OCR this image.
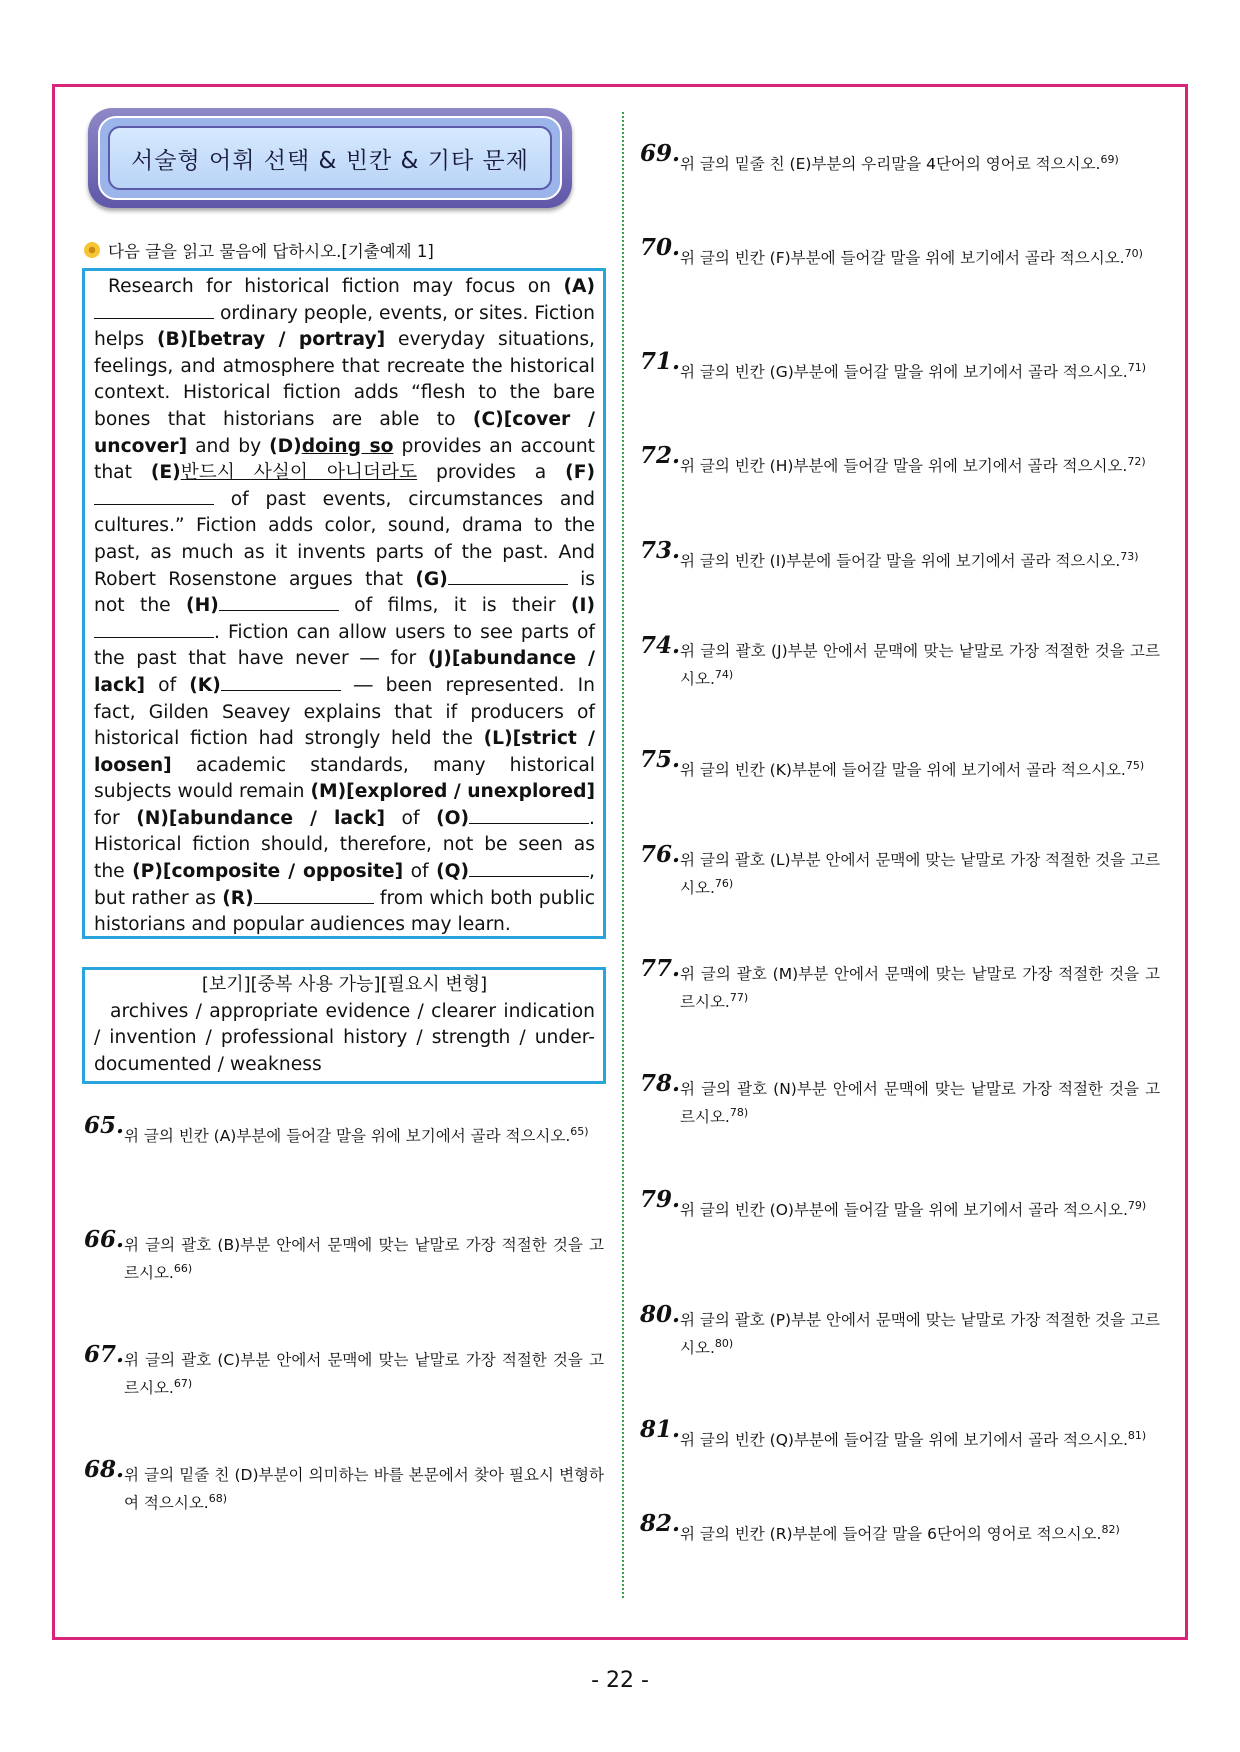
서술형 어휘 선택 & 빈칸 & 기타 문제
다음 글을 읽고 물음에 답하시오.[기출예제 1]
Research for historical fiction may focus on (A) ordinary people, events, or sites. Fiction helps (B)[betray / portray] everyday situations, feelings, and atmosphere that recreate the historical context. Historical fiction adds “flesh to the bare bones that historians are able to (C)[cover / uncover] and by (D)doing so provides an account that (E)반드시 사실이 아니더라도 provides a (F) of past events, circumstances and cultures.” Fiction adds color, sound, drama to the past, as much as it invents parts of the past. And Robert Rosenstone argues that (G)	is not the (H)	of films, it is their (I). Fiction can allow users to see parts of the past that have never ― for (J)[abundance / lack] of (K)	― been represented. In fact, Gilden Seavey explains that if producers of historical fiction had strongly held the (L)[strict / loosen] academic standards, many historical subjects would remain (M)[explored / unexplored] for (N)[abundance / lack] of (O)	. Historical fiction should, therefore, not be seen as the (P)[composite / opposite] of (Q)	, but rather as (R)	from which both public historians and popular audiences may learn.
[보기][중복 사용 가능][필요시 변형]
archives / appropriate evidence / clearer indication / invention / professional history / strength / under-documented / weakness
65. 위 글의 빈칸 (A)부분에 들어갈 말을 위에 보기에서 골라 적으시오.$^{65)}$
66. 위 글의 괄호 (B)부분 안에서 문맥에 맞는 낱말로 가장 적절한 것을 고르시오.$^{66)}$
67. 위 글의 괄호 (C)부분 안에서 문맥에 맞는 낱말로 가장 적절한 것을 고르시오.$^{67)}$
68. 위 글의 밑줄 친 (D)부분이 의미하는 바를 본문에서 찾아 필요시 변형하여 적으시오.$^{68)}$
69. 위 글의 밑줄 친 (E)부분의 우리말을 4단어의 영어로 적으시오.$^{69)}$
70. 위 글의 빈칸 (F)부분에 들어갈 말을 위에 보기에서 골라 적으시오.$^{70)}$
71. 위 글의 빈칸 (G)부분에 들어갈 말을 위에 보기에서 골라 적으시오.$^{71)}$
72. 위 글의 빈칸 (H)부분에 들어갈 말을 위에 보기에서 골라 적으시오.$^{72)}$
73. 위 글의 빈칸 (I)부분에 들어갈 말을 위에 보기에서 골라 적으시오.$^{73)}$
74. 위 글의 괄호 (J)부분 안에서 문맥에 맞는 낱말로 가장 적절한 것을 고르시오.$^{74)}$
75. 위 글의 빈칸 (K)부분에 들어갈 말을 위에 보기에서 골라 적으시오.$^{75)}$
76. 위 글의 괄호 (L)부분 안에서 문맥에 맞는 낱말로 가장 적절한 것을 고르시오.$^{76)}$
77. 위 글의 괄호 (M)부분 안에서 문맥에 맞는 낱말로 가장 적절한 것을 고르시오.$^{77)}$
78. 위 글의 괄호 (N)부분 안에서 문맥에 맞는 낱말로 가장 적절한 것을 고르시오.$^{78)}$
79. 위 글의 빈칸 (O)부분에 들어갈 말을 위에 보기에서 골라 적으시오.$^{79)}$
80. 위 글의 괄호 (P)부분 안에서 문맥에 맞는 낱말로 가장 적절한 것을 고르시오.$^{80)}$
81. 위 글의 빈칸 (Q)부분에 들어갈 말을 위에 보기에서 골라 적으시오.$^{81)}$
82. 위 글의 빈칸 (R)부분에 들어갈 말을 6단어의 영어로 적으시오.$^{82)}$
- 22 -
